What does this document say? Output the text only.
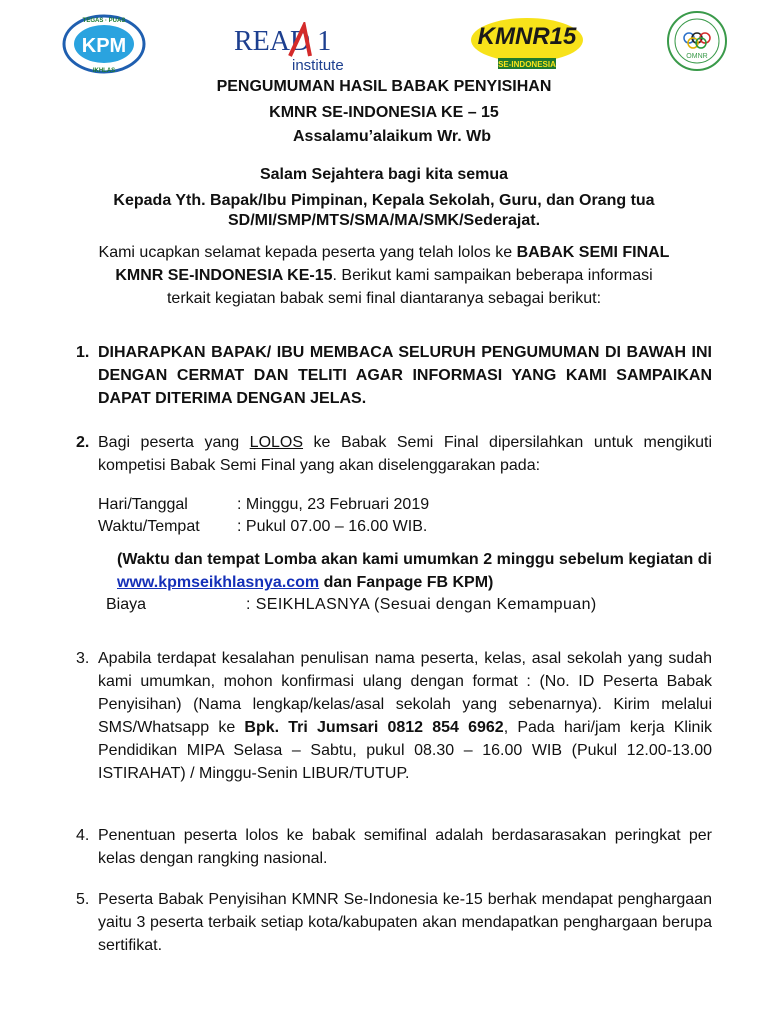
KPM
TEGAS · PUAS
IKHLAS
READ 1
institute
KMNR15
SE-INDONESIA
OMNR
PENGUMUMAN HASIL BABAK PENYISIHAN
KMNR SE-INDONESIA KE – 15
Assalamu’alaikum Wr. Wb
Salam Sejahtera bagi kita semua
Kepada Yth. Bapak/Ibu Pimpinan, Kepala Sekolah, Guru, dan Orang tua
SD/MI/SMP/MTS/SMA/MA/SMK/Sederajat.
Kami ucapkan selamat kepada peserta yang telah lolos ke BABAK SEMI FINAL
KMNR SE-INDONESIA KE-15. Berikut kami sampaikan beberapa informasi
terkait kegiatan babak semi final diantaranya sebagai berikut:
1. DIHARAPKAN BAPAK/ IBU MEMBACA SELURUH PENGUMUMAN DI BAWAH INI DENGAN CERMAT DAN TELITI AGAR INFORMASI YANG KAMI SAMPAIKAN DAPAT DITERIMA DENGAN JELAS.
2. Bagi peserta yang LOLOS ke Babak Semi Final dipersilahkan untuk mengikuti kompetisi Babak Semi Final yang akan diselenggarakan pada:
Hari/Tanggal	: Minggu, 23 Februari 2019
Waktu/Tempat : Pukul 07.00 – 16.00 WIB.
(Waktu dan tempat Lomba akan kami umumkan 2 minggu sebelum kegiatan di www.kpmseikhlasnya.com dan Fanpage FB KPM)
Biaya	: SEIKHLASNYA (Sesuai dengan Kemampuan)
3. Apabila terdapat kesalahan penulisan nama peserta, kelas, asal sekolah yang sudah kami umumkan, mohon konfirmasi ulang dengan format : (No. ID Peserta Babak Penyisihan) (Nama lengkap/kelas/asal sekolah yang sebenarnya). Kirim melalui SMS/Whatsapp ke Bpk. Tri Jumsari 0812 854 6962, Pada hari/jam kerja Klinik Pendidikan MIPA Selasa – Sabtu, pukul 08.30 – 16.00 WIB (Pukul 12.00-13.00 ISTIRAHAT) / Minggu-Senin LIBUR/TUTUP.
4. Penentuan peserta lolos ke babak semifinal adalah berdasarasakan peringkat per kelas dengan rangking nasional.
5. Peserta Babak Penyisihan KMNR Se-Indonesia ke-15 berhak mendapat penghargaan yaitu 3 peserta terbaik setiap kota/kabupaten akan mendapatkan penghargaan berupa sertifikat.
